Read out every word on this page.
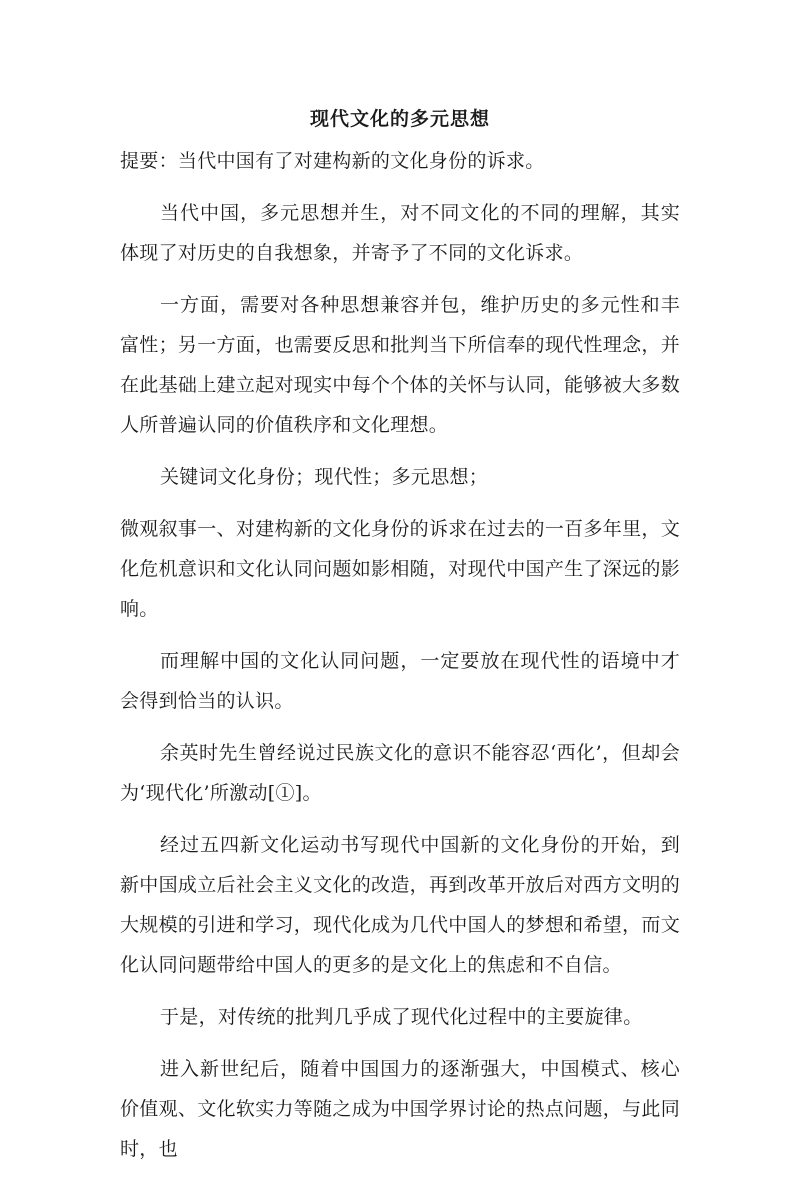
现代文化的多元思想

提要：当代中国有了对建构新的文化身份的诉求。

当代中国，多元思想并生，对不同文化的不同的理解，其实体现了对历史的自我想象，并寄予了不同的文化诉求。

一方面，需要对各种思想兼容并包，维护历史的多元性和丰富性；另一方面，也需要反思和批判当下所信奉的现代性理念，并在此基础上建立起对现实中每个个体的关怀与认同，能够被大多数人所普遍认同的价值秩序和文化理想。

关键词文化身份；现代性；多元思想；

微观叙事一、对建构新的文化身份的诉求在过去的一百多年里，文化危机意识和文化认同问题如影相随，对现代中国产生了深远的影响。

而理解中国的文化认同问题，一定要放在现代性的语境中才会得到恰当的认识。

余英时先生曾经说过民族文化的意识不能容忍‘西化’，但却会为‘现代化’所激动[①]。

经过五四新文化运动书写现代中国新的文化身份的开始，到新中国成立后社会主义文化的改造，再到改革开放后对西方文明的大规模的引进和学习，现代化成为几代中国人的梦想和希望，而文化认同问题带给中国人的更多的是文化上的焦虑和不自信。

于是，对传统的批判几乎成了现代化过程中的主要旋律。

进入新世纪后，随着中国国力的逐渐强大，中国模式、核心价值观、文化软实力等随之成为中国学界讨论的热点问题，与此同时，也
